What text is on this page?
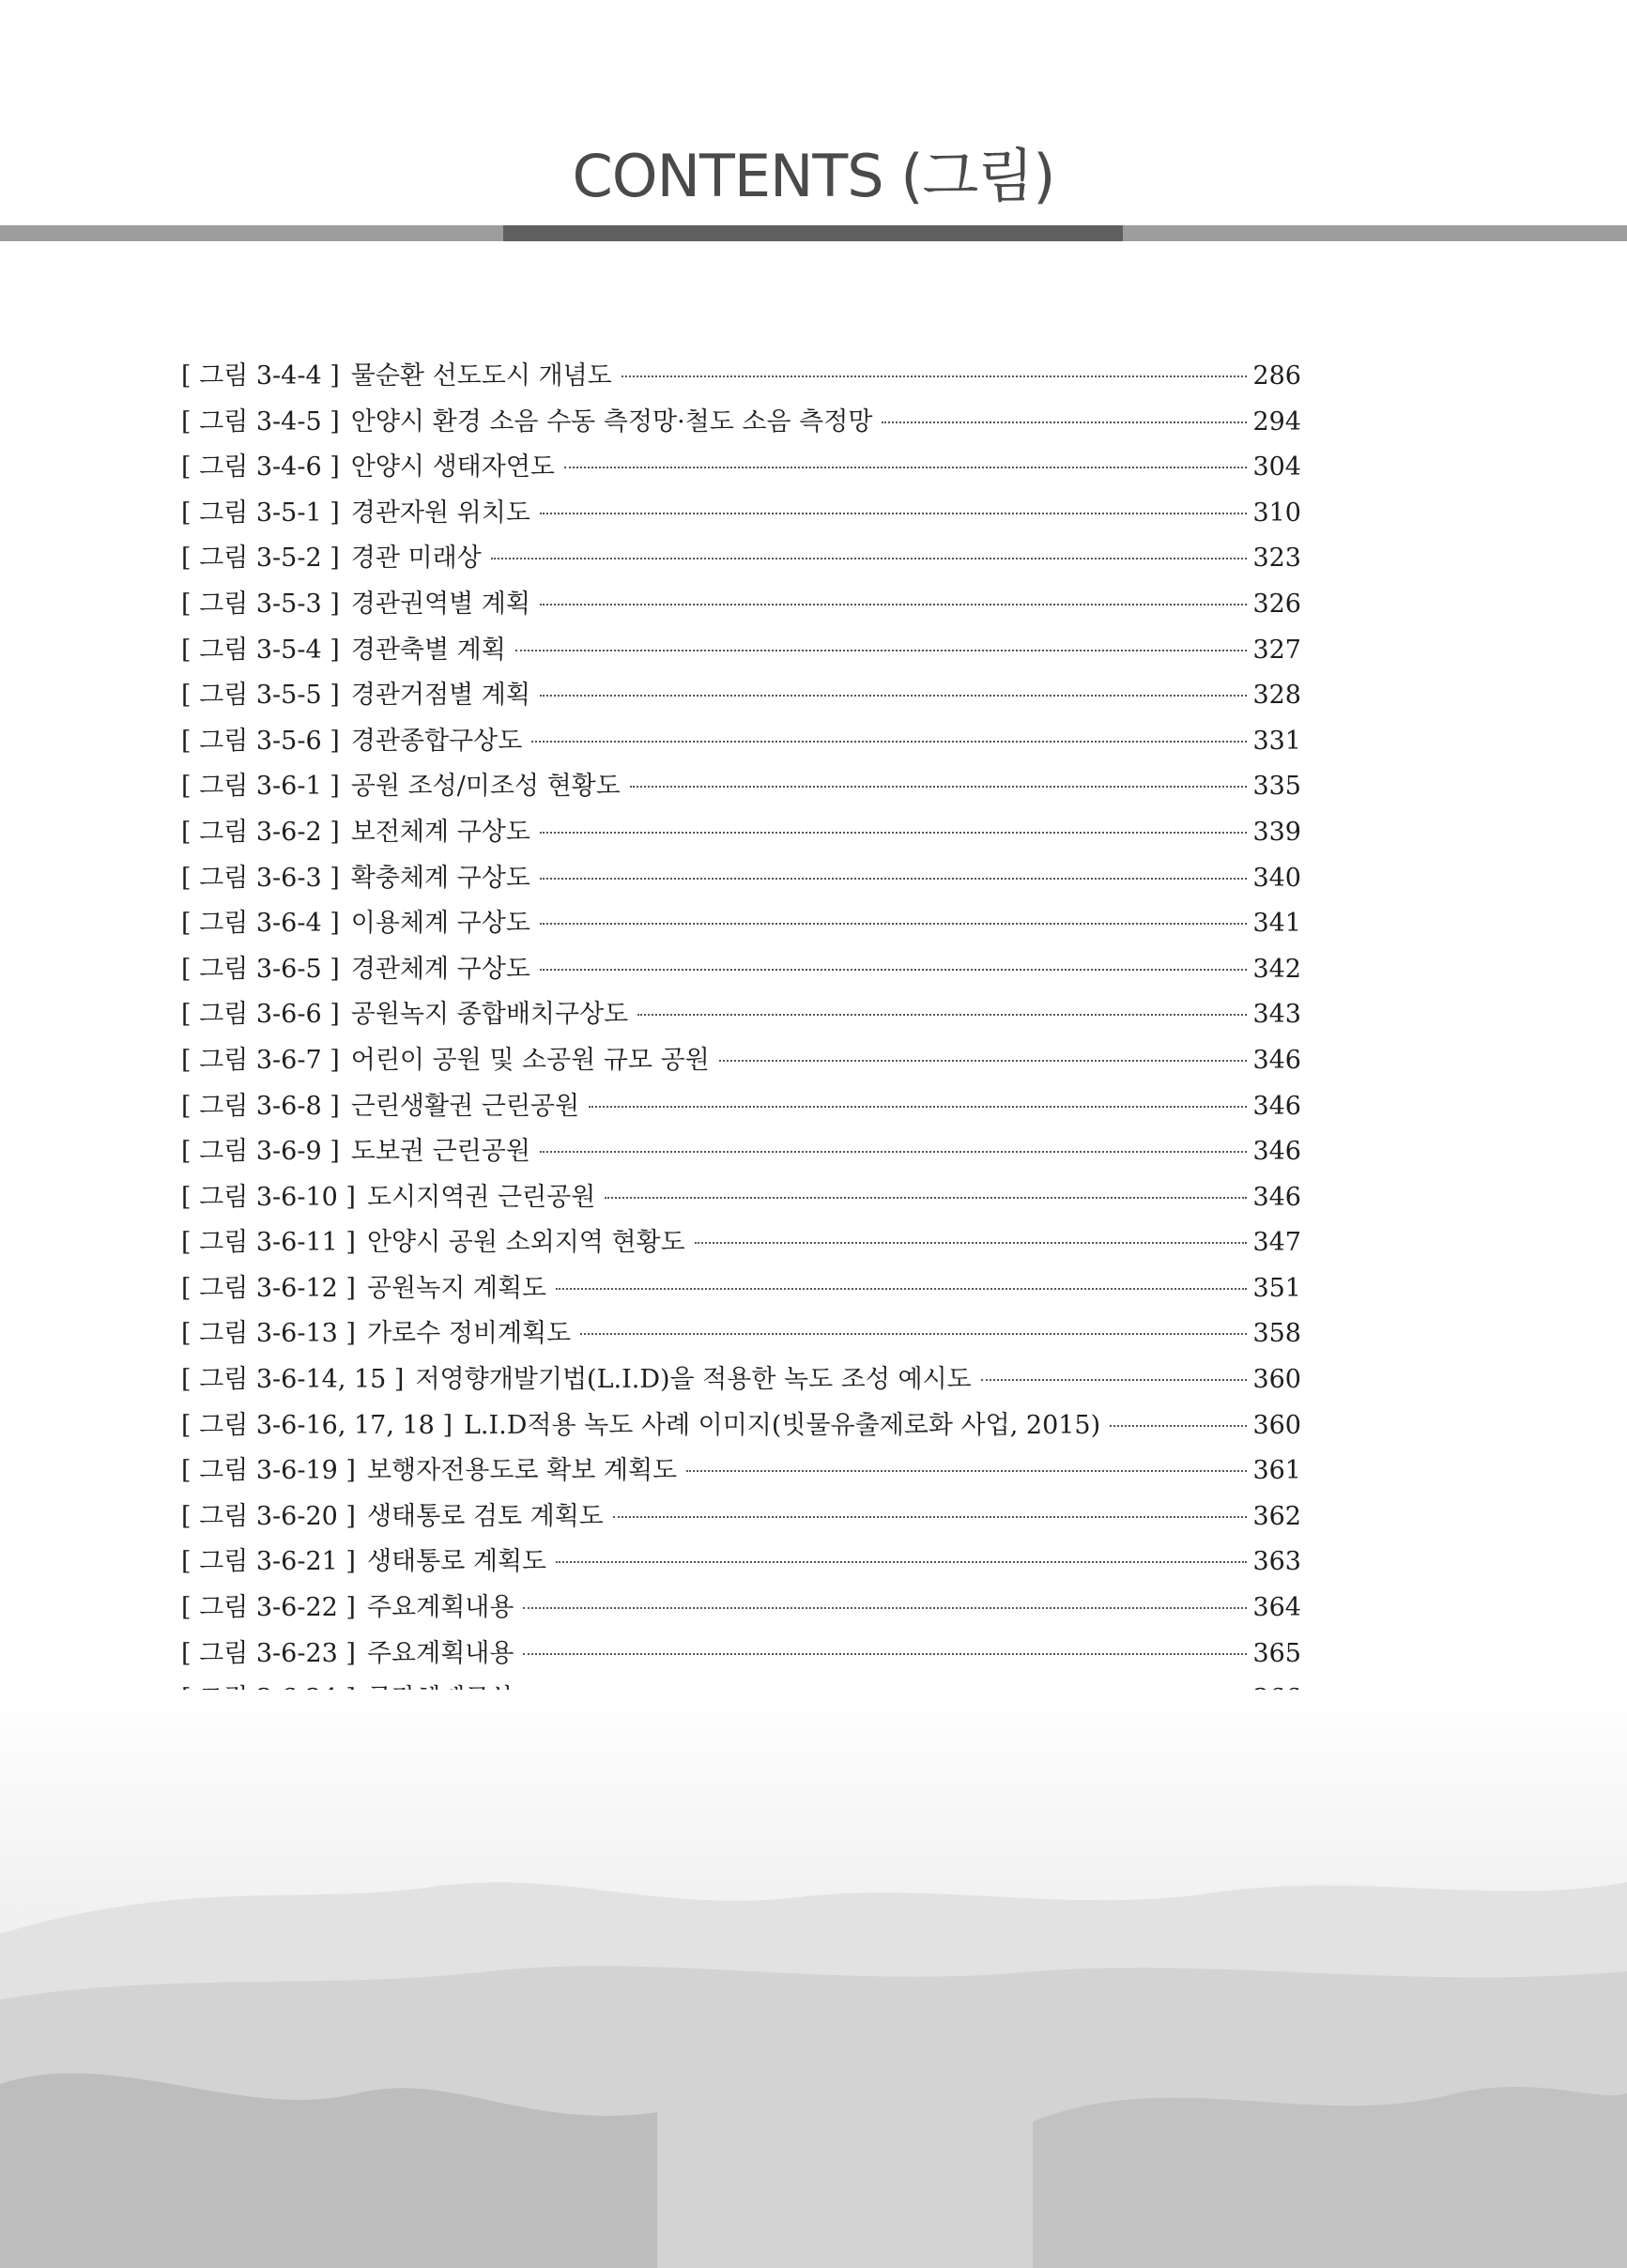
CONTENTS (그림)
[ 그림 3-4-4 ] 물순환 선도도시 개념도	286
[ 그림 3-4-5 ] 안양시 환경 소음 수동 측정망·철도 소음 측정망	294
[ 그림 3-4-6 ] 안양시 생태자연도	304
[ 그림 3-5-1 ] 경관자원 위치도	310
[ 그림 3-5-2 ] 경관 미래상	323
[ 그림 3-5-3 ] 경관권역별 계획	326
[ 그림 3-5-4 ] 경관축별 계획	327
[ 그림 3-5-5 ] 경관거점별 계획	328
[ 그림 3-5-6 ] 경관종합구상도	331
[ 그림 3-6-1 ] 공원 조성/미조성 현황도	335
[ 그림 3-6-2 ] 보전체계 구상도	339
[ 그림 3-6-3 ] 확충체계 구상도	340
[ 그림 3-6-4 ] 이용체계 구상도	341
[ 그림 3-6-5 ] 경관체계 구상도	342
[ 그림 3-6-6 ] 공원녹지 종합배치구상도	343
[ 그림 3-6-7 ] 어린이 공원 및 소공원 규모 공원	346
[ 그림 3-6-8 ] 근린생활권 근린공원	346
[ 그림 3-6-9 ] 도보권 근린공원	346
[ 그림 3-6-10 ] 도시지역권 근린공원	346
[ 그림 3-6-11 ] 안양시 공원 소외지역 현황도	347
[ 그림 3-6-12 ] 공원녹지 계획도	351
[ 그림 3-6-13 ] 가로수 정비계획도	358
[ 그림 3-6-14, 15 ] 저영향개발기법(L.I.D)을 적용한 녹도 조성 예시도	360
[ 그림 3-6-16, 17, 18 ] L.I.D적용 녹도 사례 이미지(빗물유출제로화 사업, 2015)	360
[ 그림 3-6-19 ] 보행자전용도로 확보 계획도	361
[ 그림 3-6-20 ] 생태통로 검토 계획도	362
[ 그림 3-6-21 ] 생태통로 계획도	363
[ 그림 3-6-22 ] 주요계획내용	364
[ 그림 3-6-23 ] 주요계획내용	365
